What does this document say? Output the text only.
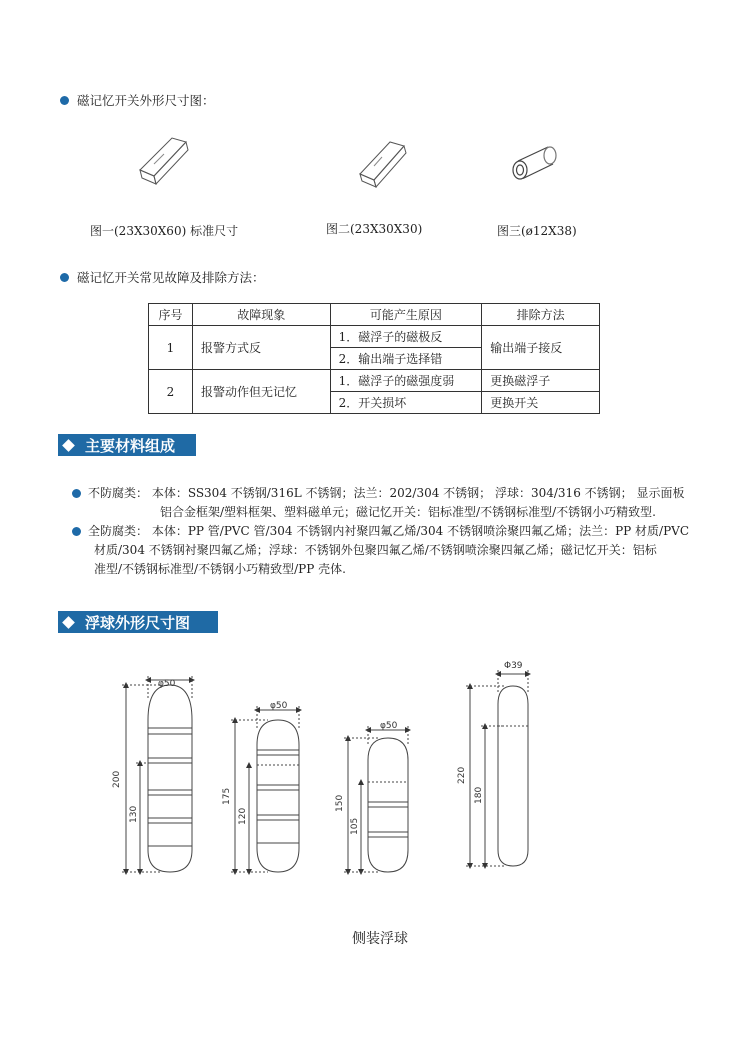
磁记忆开关外形尺寸图：
图一(23X30X60) 标准尺寸	图二(23X30X30)	图三(ø12X38)
磁记忆开关常见故障及排除方法：
序号	故障现象	可能产生原因	排除方法
1	报警方式反	1．磁浮子的磁极反	输出端子接反
		2．输出端子选择错	
2	报警动作但无记忆	1．磁浮子的磁强度弱	更换磁浮子
		2．开关损坏	更换开关
主要材料组成
不防腐类： 本体：SS304 不锈钢/316L 不锈钢；法兰：202/304 不锈钢； 浮球：304/316 不锈钢； 显示面板
铝合金框架/塑料框架、塑料磁单元；磁记忆开关：铝标准型/不锈钢标准型/不锈钢小巧精致型.
全防腐类： 本体：PP 管/PVC 管/304 不锈钢内衬聚四氟乙烯/304 不锈钢喷涂聚四氟乙烯；法兰：PP 材质/PVC
材质/304 不锈钢衬聚四氟乙烯；浮球：不锈钢外包聚四氟乙烯/不锈钢喷涂聚四氟乙烯；磁记忆开关：铝标
准型/不锈钢标准型/不锈钢小巧精致型/PP 壳体.
浮球外形尺寸图
φ50
200
130
φ50
175
120
φ50
150
105
Φ39
220
180
侧装浮球
